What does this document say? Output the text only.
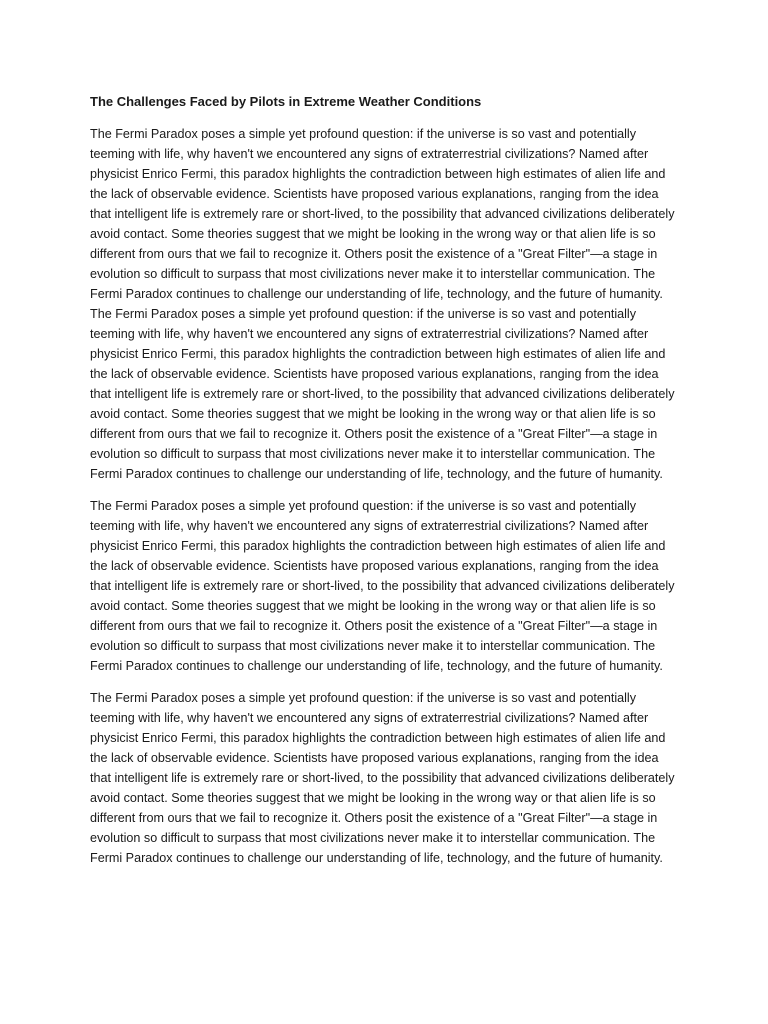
The Challenges Faced by Pilots in Extreme Weather Conditions

The Fermi Paradox poses a simple yet profound question: if the universe is so vast and potentially teeming with life, why haven't we encountered any signs of extraterrestrial civilizations? Named after physicist Enrico Fermi, this paradox highlights the contradiction between high estimates of alien life and the lack of observable evidence. Scientists have proposed various explanations, ranging from the idea that intelligent life is extremely rare or short-lived, to the possibility that advanced civilizations deliberately avoid contact. Some theories suggest that we might be looking in the wrong way or that alien life is so different from ours that we fail to recognize it. Others posit the existence of a "Great Filter"—a stage in evolution so difficult to surpass that most civilizations never make it to interstellar communication. The Fermi Paradox continues to challenge our understanding of life, technology, and the future of humanity. The Fermi Paradox poses a simple yet profound question: if the universe is so vast and potentially teeming with life, why haven't we encountered any signs of extraterrestrial civilizations? Named after physicist Enrico Fermi, this paradox highlights the contradiction between high estimates of alien life and the lack of observable evidence. Scientists have proposed various explanations, ranging from the idea that intelligent life is extremely rare or short-lived, to the possibility that advanced civilizations deliberately avoid contact. Some theories suggest that we might be looking in the wrong way or that alien life is so different from ours that we fail to recognize it. Others posit the existence of a "Great Filter"—a stage in evolution so difficult to surpass that most civilizations never make it to interstellar communication. The Fermi Paradox continues to challenge our understanding of life, technology, and the future of humanity.

The Fermi Paradox poses a simple yet profound question: if the universe is so vast and potentially teeming with life, why haven't we encountered any signs of extraterrestrial civilizations? Named after physicist Enrico Fermi, this paradox highlights the contradiction between high estimates of alien life and the lack of observable evidence. Scientists have proposed various explanations, ranging from the idea that intelligent life is extremely rare or short-lived, to the possibility that advanced civilizations deliberately avoid contact. Some theories suggest that we might be looking in the wrong way or that alien life is so different from ours that we fail to recognize it. Others posit the existence of a "Great Filter"—a stage in evolution so difficult to surpass that most civilizations never make it to interstellar communication. The Fermi Paradox continues to challenge our understanding of life, technology, and the future of humanity.

The Fermi Paradox poses a simple yet profound question: if the universe is so vast and potentially teeming with life, why haven't we encountered any signs of extraterrestrial civilizations? Named after physicist Enrico Fermi, this paradox highlights the contradiction between high estimates of alien life and the lack of observable evidence. Scientists have proposed various explanations, ranging from the idea that intelligent life is extremely rare or short-lived, to the possibility that advanced civilizations deliberately avoid contact. Some theories suggest that we might be looking in the wrong way or that alien life is so different from ours that we fail to recognize it. Others posit the existence of a "Great Filter"—a stage in evolution so difficult to surpass that most civilizations never make it to interstellar communication. The Fermi Paradox continues to challenge our understanding of life, technology, and the future of humanity.
